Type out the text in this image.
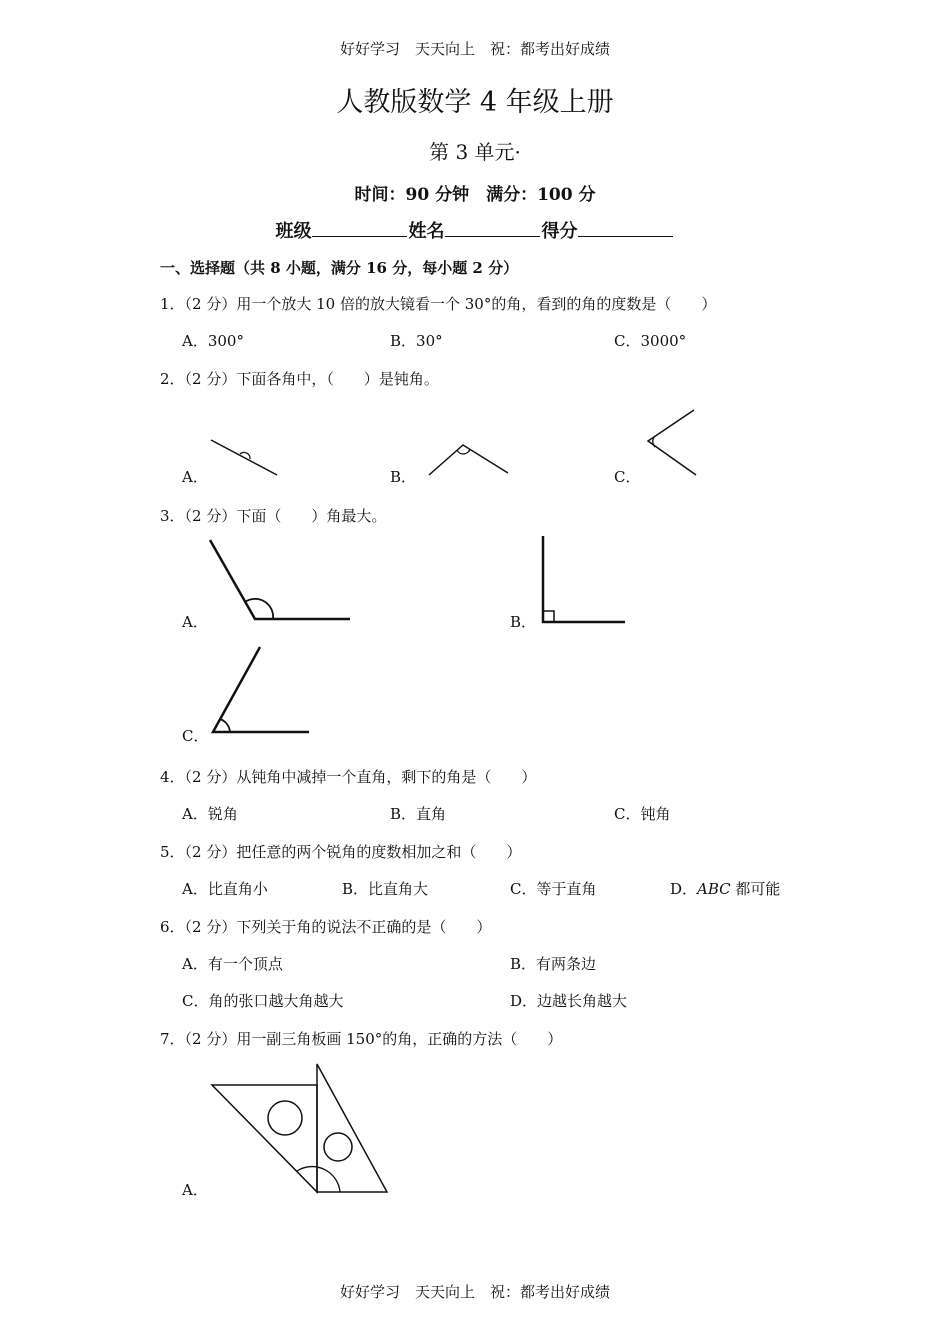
好好学习　天天向上　祝：都考出好成绩
人教版数学 4 年级上册
第 3 单元·
时间：90 分钟　满分：100 分
班级	姓名	得分
一、选择题（共 8 小题，满分 16 分，每小题 2 分）
1．（2 分）用一个放大 10 倍的放大镜看一个 30°的角，看到的角的度数是（　　）
A．300°	B．30°	C．3000°
2．（2 分）下面各角中，（　　）是钝角。
A．	B．	C．
3．（2 分）下面（　　）角最大。
A．	B．
C．
4．（2 分）从钝角中减掉一个直角，剩下的角是（　　）
A．锐角	B．直角	C．钝角
5．（2 分）把任意的两个锐角的度数相加之和（　　）
A．比直角小	B．比直角大	C．等于直角	D．ABC 都可能
6．（2 分）下列关于角的说法不正确的是（　　）
A．有一个顶点	B．有两条边
C．角的张口越大角越大	D．边越长角越大
7．（2 分）用一副三角板画 150°的角，正确的方法（　　）
A．
好好学习　天天向上　祝：都考出好成绩
